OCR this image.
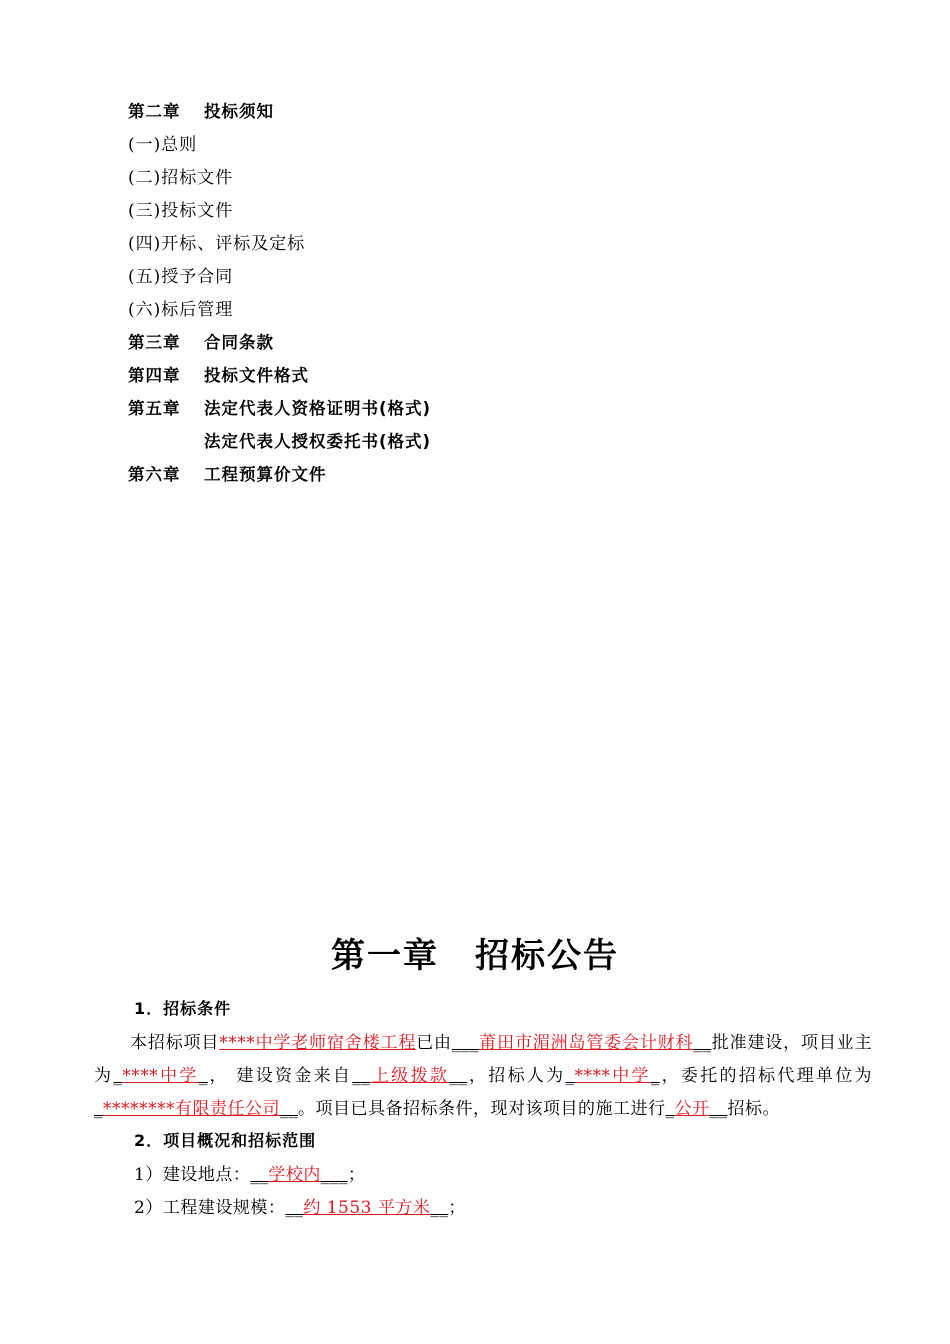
第二章 投标须知
(一)总则
(二)招标文件
(三)投标文件
(四)开标、评标及定标
(五)授予合同
(六)标后管理
第三章 合同条款
第四章 投标文件格式
第五章 法定代表人资格证明书(格式)
法定代表人授权委托书(格式)
第六章 工程预算价文件
第一章　招标公告
1．招标条件
本招标项目****中学老师宿舍楼工程已由___莆田市湄洲岛管委会计财科__批准建设，项目业主为_****中学_， 建设资金来自__上级拨款__，招标人为_****中学_，委托的招标代理单位为_********有限责任公司__。项目已具备招标条件，现对该项目的施工进行_公开__招标。
2．项目概况和招标范围
1）建设地点：__学校内___；
2）工程建设规模：__约 1553 平方米__；
